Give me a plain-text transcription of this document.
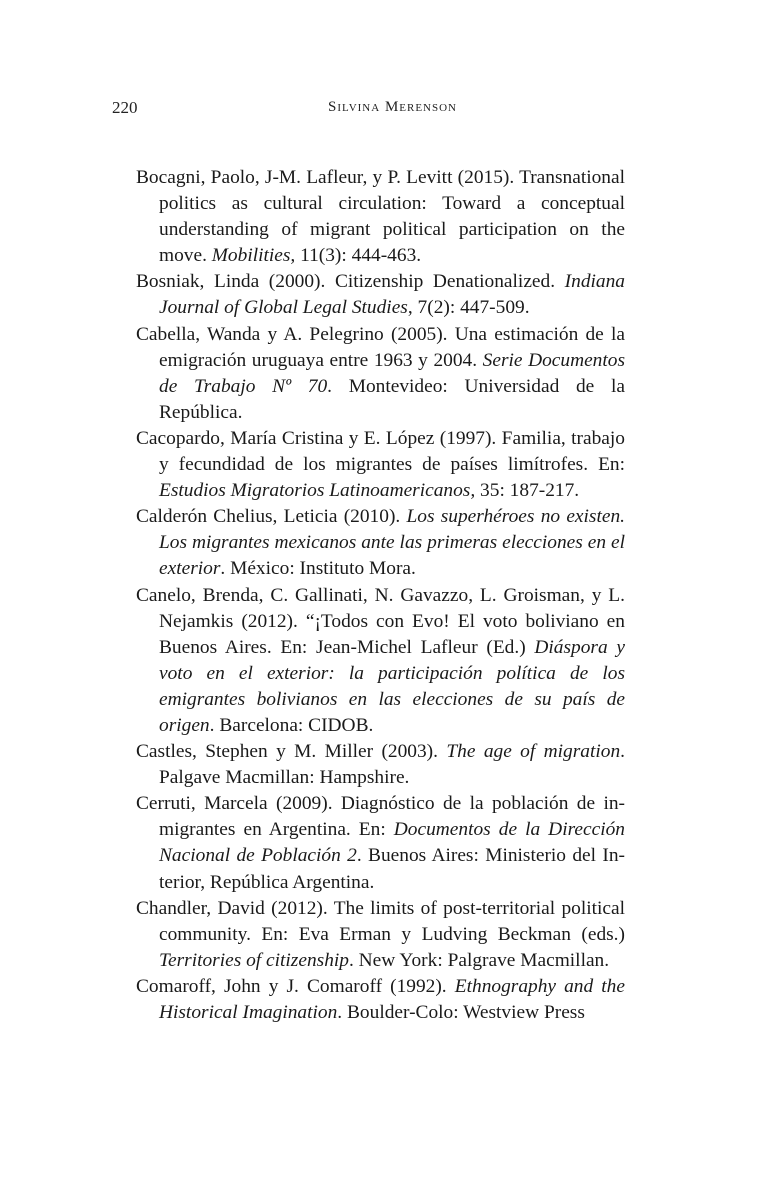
220	Silvina Merenson

Bocagni, Paolo, J-M. Lafleur, y P. Levitt (2015). Transnational politics as cultural circulation: Toward a conceptual understanding of migrant political participation on the move. Mobilities, 11(3): 444-463.

Bosniak, Linda (2000). Citizenship Denationalized. Indiana Journal of Global Legal Studies, 7(2): 447-509.

Cabella, Wanda y A. Pelegrino (2005). Una estimación de la emigración uruguaya entre 1963 y 2004. Serie Documentos de Trabajo Nº 70. Montevideo: Universidad de la República.

Cacopardo, María Cristina y E. López (1997). Familia, trabajo y fecundidad de los migrantes de países limítrofes. En: Estudios Migratorios Latinoamericanos, 35: 187-217.

Calderón Chelius, Leticia (2010). Los superhéroes no existen. Los migrantes mexicanos ante las primeras elecciones en el exterior. México: Instituto Mora.

Canelo, Brenda, C. Gallinati, N. Gavazzo, L. Groisman, y L. Nejamkis (2012). “¡Todos con Evo! El voto boliviano en Buenos Aires. En: Jean-Michel Lafleur (Ed.) Diáspora y voto en el exterior: la participación política de los emigrantes bolivianos en las elecciones de su país de origen. Barcelona: CIDOB.

Castles, Stephen y M. Miller (2003). The age of migration. Palgave Macmillan: Hampshire.

Cerruti, Marcela (2009). Diagnóstico de la población de inmigrantes en Argentina. En: Documentos de la Dirección Nacional de Población 2. Buenos Aires: Ministerio del Interior, República Argentina.

Chandler, David (2012). The limits of post-territorial political community. En: Eva Erman y Ludving Beckman (eds.) Territories of citizenship. New York: Palgrave Macmillan.

Comaroff, John y J. Comaroff (1992). Ethnography and the Historical Imagination. Boulder-Colo: Westview Press
